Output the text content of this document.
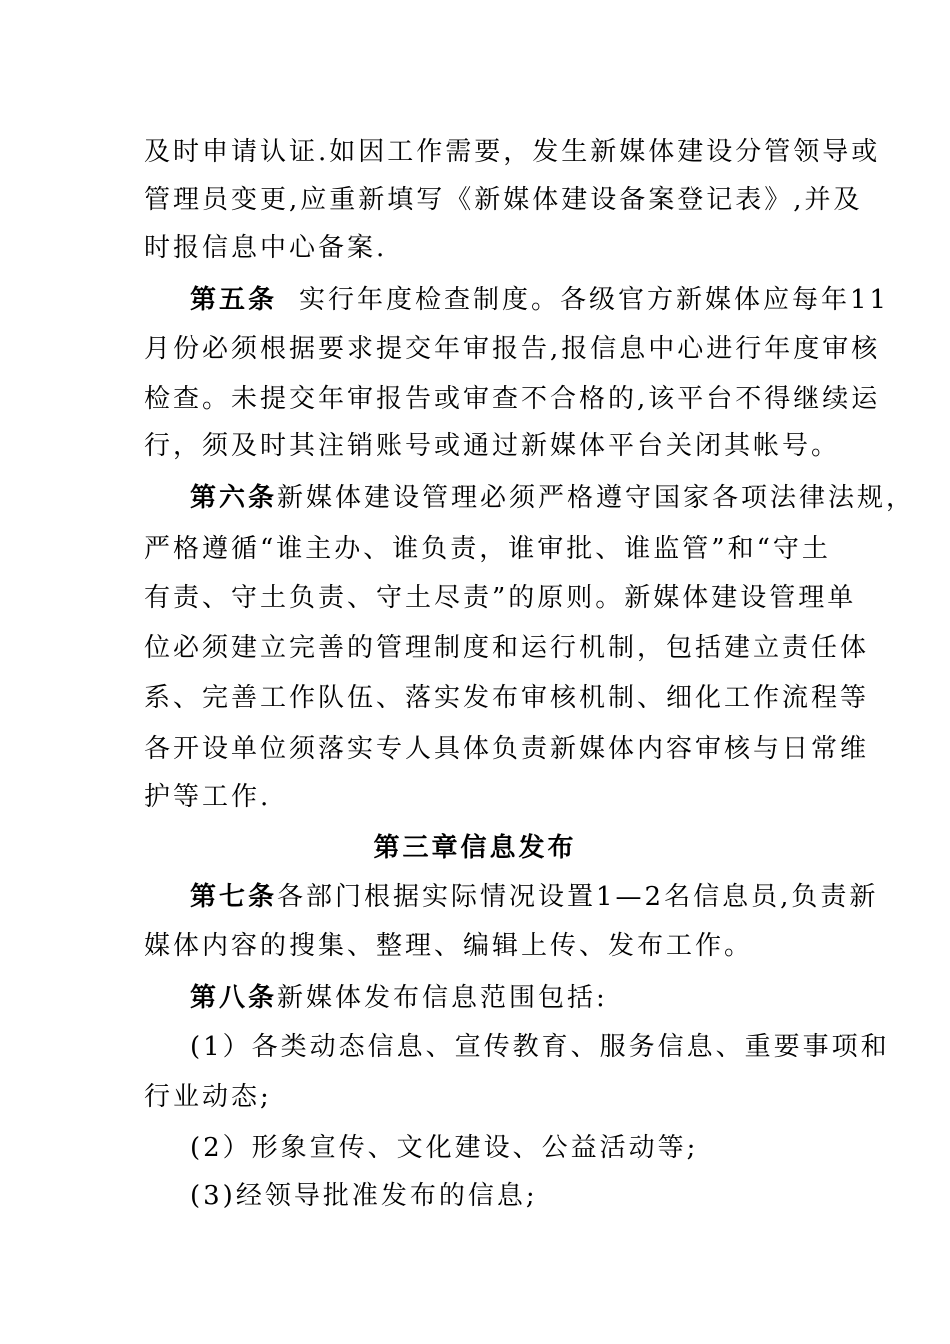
及时申请认证.如因工作需要，发生新媒体建设分管领导或
管理员变更,应重新填写《新媒体建设备案登记表》,并及
时报信息中心备案.
第五条 实行年度检查制度。各级官方新媒体应每年11
月份必须根据要求提交年审报告,报信息中心进行年度审核
检查。未提交年审报告或审查不合格的,该平台不得继续运
行，须及时其注销账号或通过新媒体平台关闭其帐号。
第六条新媒体建设管理必须严格遵守国家各项法律法规，
严格遵循“谁主办、谁负责，谁审批、谁监管”和“守土
有责、守土负责、守土尽责”的原则。新媒体建设管理单
位必须建立完善的管理制度和运行机制，包括建立责任体
系、完善工作队伍、落实发布审核机制、细化工作流程等
各开设单位须落实专人具体负责新媒体内容审核与日常维
护等工作.
第三章信息发布
第七条各部门根据实际情况设置1—2名信息员,负责新
媒体内容的搜集、整理、编辑上传、发布工作。
第八条新媒体发布信息范围包括:
(1）各类动态信息、宣传教育、服务信息、重要事项和
行业动态;
(2）形象宣传、文化建设、公益活动等;
(3)经领导批准发布的信息;
